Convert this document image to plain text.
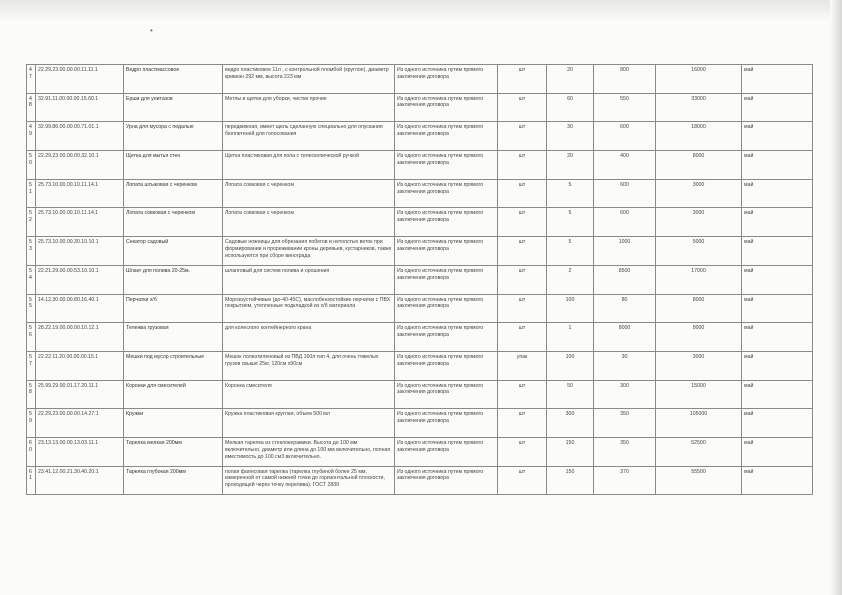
•
47	22.29.23.00.00.00.11.11.1	Ведро пластмассовое	ведро пластиковое 11л , с контрольной пломбой (круглое), диаметр кривизн 292 мм, высота 223 мм	Из одного источника путем прямого заключения договора	шт	20	800	16000	май
48	32.91.11.00.00.00.15.60.1	Ерши для унитазов	Метлы и щетки для уборки, чистки прочие	Из одного источника путем прямого заключения договора	шт	60	550	33000	май
49	32.99.86.00.00.00.71.01.1	Урна для мусора с педалью	передвижная, имеет щель сделанную специально для опускания бюллетеней для голосования	Из одного источника путем прямого заключения договора	шт	30	600	18000	май
50	22.29.23.00.00.00.32.10.1	Щетка для мытья стен	Щетка пластиковая для пола с телескопической ручкой	Из одного источника путем прямого заключения договора	шт	20	400	8000	май
51	25.73.10.00.00.10.11.14.1	Лопата штыковая с черенком	Лопата совковая с черенком	Из одного источника путем прямого заключения договора	шт	5	600	3000	май
52	25.73.10.00.00.10.11.14.1	Лопата совковая с черенком	Лопата совковая с черенком	Из одного источника путем прямого заключения договора	шт	5	600	3000	май
53	25.73.10.00.00.30.10.10.1	Секатор садовый	Садовые ножницы для обрезания побегов и нетолстых веток при формировании и прореживании кроны деревьев, кустарников, также используются при сборе винограда	Из одного источника путем прямого заключения договора	шт	5	1000	5000	май
54	22.21.29.00.00.53.10.10.1	Шланг для полива 20-25м.	шланговый для систем полива и орошения	Из одного источника путем прямого заключения договора	шт	2	8500	17000	май
55	14.12.30.00.00.80.16.40.1	Перчатки х/б	Морозоустойчивые (до-40-45С), маслобензостойкие перчатки с ПВХ покрытием, утепленные подкладкой из х/б материала	Из одного источника путем прямого заключения договора	шт	100	80	8000	май
56	28.22.19.00.00.00.10.12.1	Тележка грузовая	для колесного контейнерного крана	Из одного источника путем прямого заключения договора	шт	1	8000	8000	май
57	22.22.11.20.00.00.00.15.1	Мешки под мусор строительные	Мешок полиэтиленовый из ПВД 160л тип 4, для очень тяжелых грузов свыше 25кг, 120см х90см	Из одного источника путем прямого заключения договора	упак	100	30	3000	май
58	25.99.29.00.01.17.20.11.1	Коронки для смесителей	Коронка смесителя	Из одного источника путем прямого заключения договора	шт	50	300	15000	май
59	22.29.23.00.00.00.14.27.1	Кружки	Кружка пластиковая круглая, объем 500 мл	Из одного источника путем прямого заключения договора	шт	300	350	105000	май
60	23.13.13.00.00.13.03.11.1	Тарелка мелкая 200мм	Мелкая тарелка из стеклокерамики. Высота до 100 мм включительно, диаметр или длина до 100 мм включительно, полная вместимость до 100 см3 включительно.	Из одного источника путем прямого заключения договора	шт	150	350	52500	май
61	23.41.12.00.21.30.40.20.1	Тарелка глубокая 200мм	полая фаянсовая тарелка (тарелка глубиной более 25 мм, измеренной от самой нижней точки до горизонтальной плоскости, проходящей через точку перелива). ГОСТ 2839	Из одного источника путем прямого заключения договора	шт	150	370	55500	май
